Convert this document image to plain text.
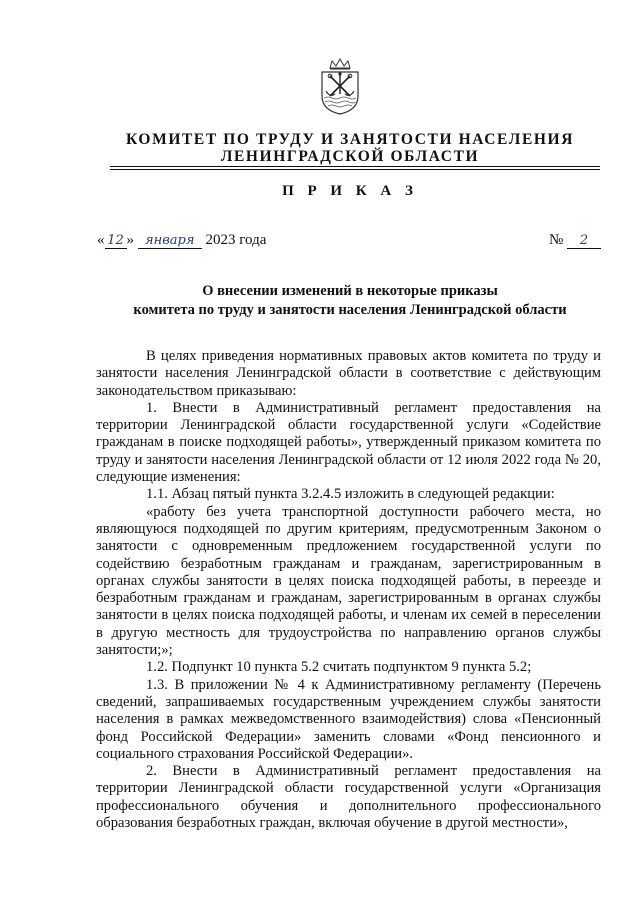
КОМИТЕТ ПО ТРУДУ И ЗАНЯТОСТИ НАСЕЛЕНИЯ
ЛЕНИНГРАДСКОЙ ОБЛАСТИ
П Р И К А З
« 12 » января 2023 года	№ 2
О внесении изменений в некоторые приказы
комитета по труду и занятости населения Ленинградской области

В целях приведения нормативных правовых актов комитета по труду и занятости населения Ленинградской области в соответствие с действующим законодательством приказываю:

1. Внести в Административный регламент предоставления на территории Ленинградской области государственной услуги «Содействие гражданам в поиске подходящей работы», утвержденный приказом комитета по труду и занятости населения Ленинградской области от 12 июля 2022 года № 20, следующие изменения:

1.1. Абзац пятый пункта 3.2.4.5 изложить в следующей редакции:

«работу без учета транспортной доступности рабочего места, но являющуюся подходящей по другим критериям, предусмотренным Законом о занятости с одновременным предложением государственной услуги по содействию безработным гражданам и гражданам, зарегистрированным в органах службы занятости в целях поиска подходящей работы, в переезде и безработным гражданам и гражданам, зарегистрированным в органах службы занятости в целях поиска подходящей работы, и членам их семей в переселении в другую местность для трудоустройства по направлению органов службы занятости;»;

1.2. Подпункт 10 пункта 5.2 считать подпунктом 9 пункта 5.2;

1.3. В приложении № 4 к Административному регламенту (Перечень сведений, запрашиваемых государственным учреждением службы занятости населения в рамках межведомственного взаимодействия) слова «Пенсионный фонд Российской Федерации» заменить словами «Фонд пенсионного и социального страхования Российской Федерации».

2. Внести в Административный регламент предоставления на территории Ленинградской области государственной услуги «Организация профессионального обучения и дополнительного профессионального образования безработных граждан, включая обучение в другой местности»,
